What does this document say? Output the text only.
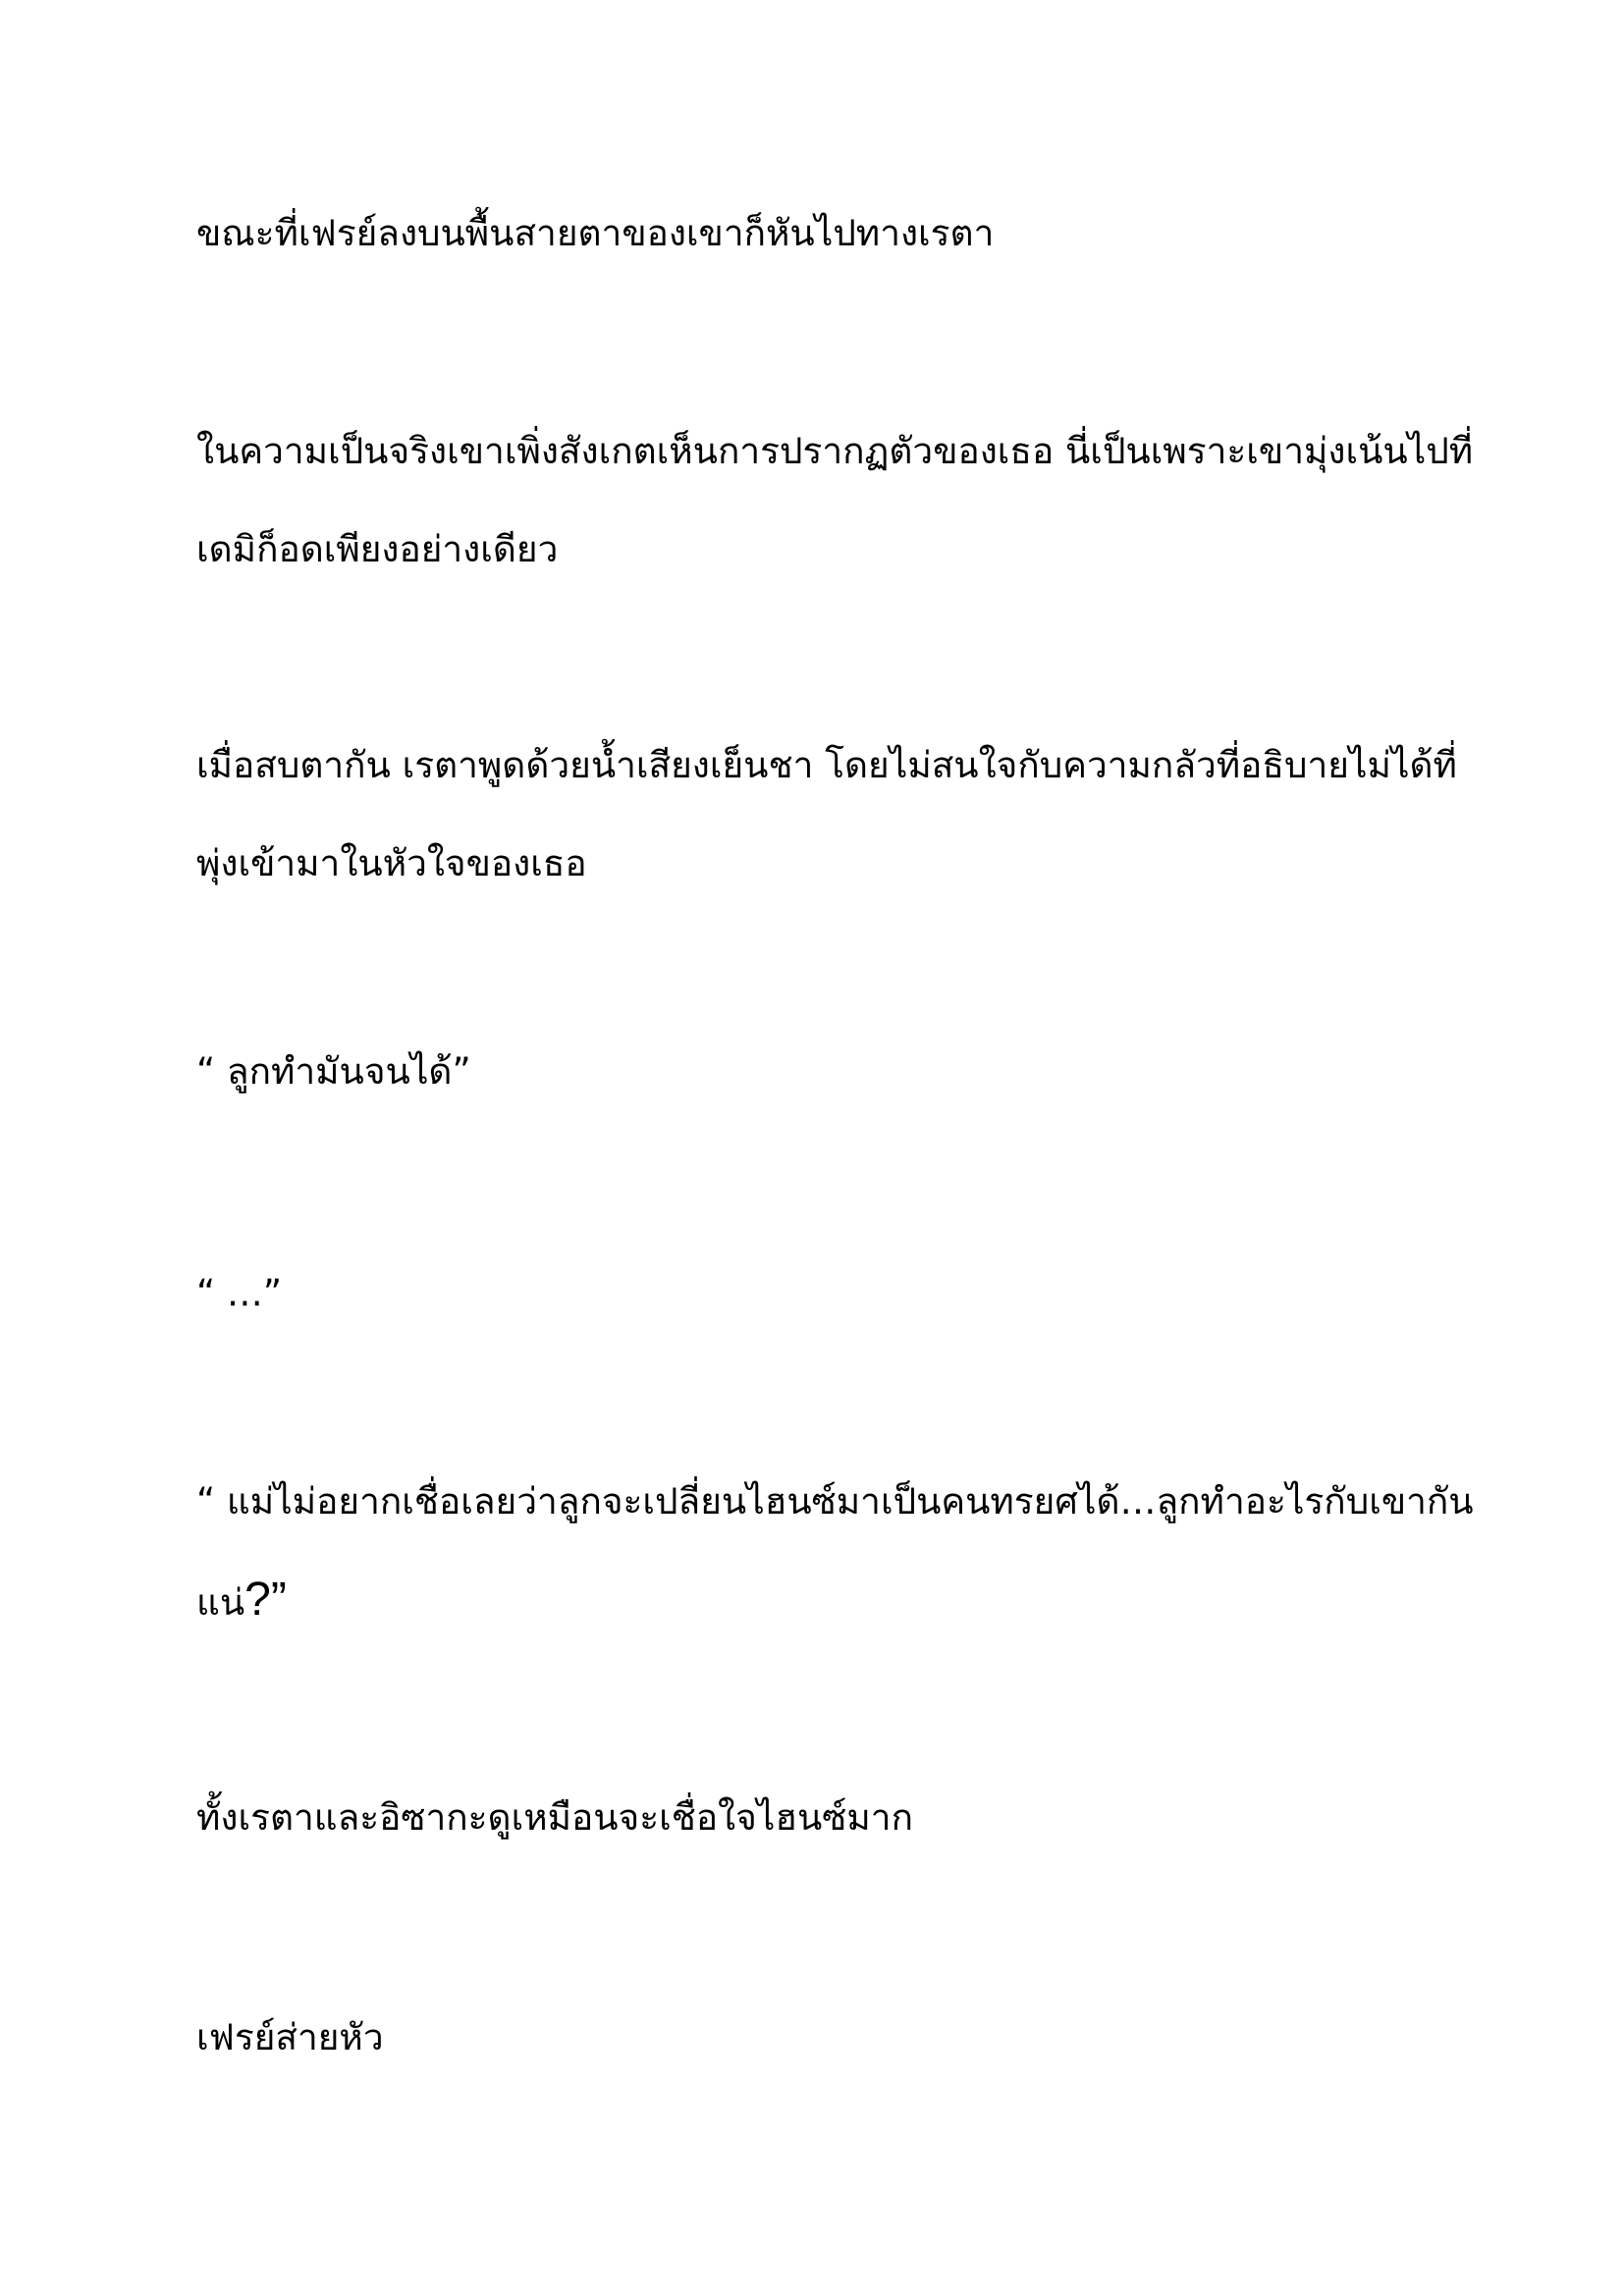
ขณะที่เฟรย์ลงบนพื้นสายตาของเขาก็หันไปทางเรตา

ในความเป็นจริงเขาเพิ่งสังเกตเห็นการปรากฏตัวของเธอ นี่เป็นเพราะเขามุ่งเน้นไปที่
เดมิก็อดเพียงอย่างเดียว

เมื่อสบตากัน เรตาพูดด้วยน้ำเสียงเย็นชา โดยไม่สนใจกับความกลัวที่อธิบายไม่ได้ที่
พุ่งเข้ามาในหัวใจของเธอ

“ ลูกทำมันจนได้”

“ …”

“ แม่ไม่อยากเชื่อเลยว่าลูกจะเปลี่ยนไฮนซ์มาเป็นคนทรยศได้…ลูกทำอะไรกับเขากัน
แน่?”

ทั้งเรตาและอิซากะดูเหมือนจะเชื่อใจไฮนซ์มาก

เฟรย์ส่ายหัว
